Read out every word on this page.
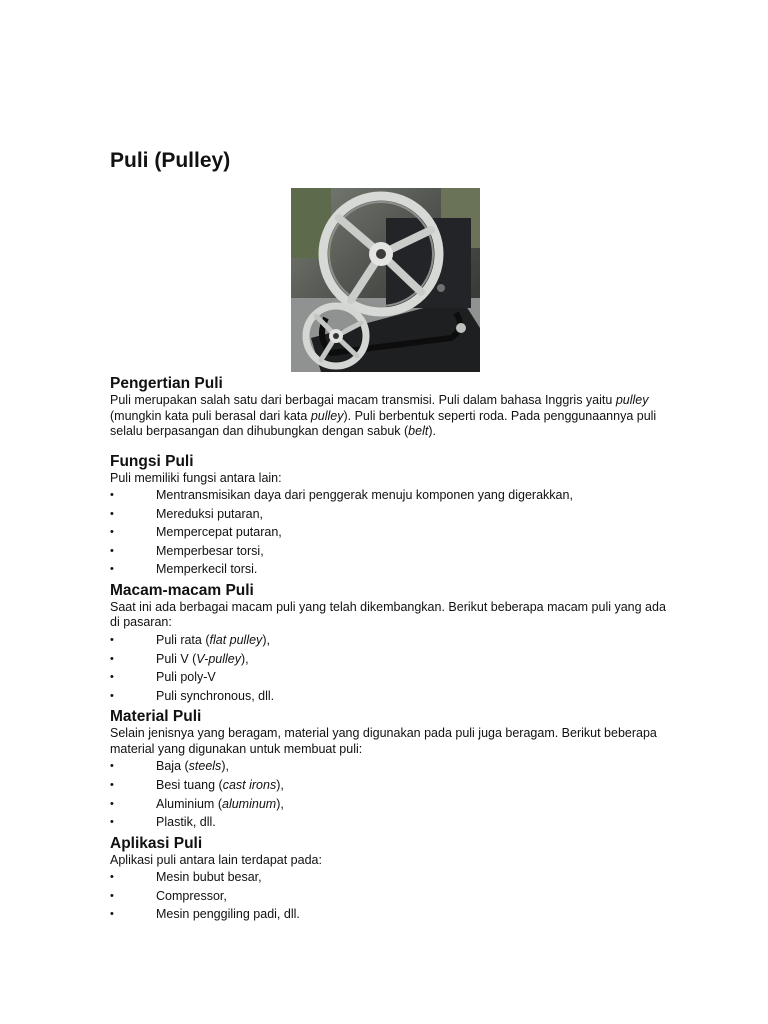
Puli (Pulley)
Pengertian Puli

Puli merupakan salah satu dari berbagai macam transmisi. Puli dalam bahasa Inggris yaitu pulley (mungkin kata puli berasal dari kata pulley). Puli berbentuk seperti roda. Pada penggunaannya puli selalu berpasangan dan dihubungkan dengan sabuk (belt).

Fungsi Puli

Puli memiliki fungsi antara lain:

• Mentransmisikan daya dari penggerak menuju komponen yang digerakkan,
• Mereduksi putaran,
• Mempercepat putaran,
• Memperbesar torsi,
• Memperkecil torsi.
Macam-macam Puli

Saat ini ada berbagai macam puli yang telah dikembangkan. Berikut beberapa macam puli yang ada di pasaran:

• Puli rata (flat pulley),
• Puli V (V-pulley),
• Puli poly-V
• Puli synchronous, dll.
Material Puli

Selain jenisnya yang beragam, material yang digunakan pada puli juga beragam. Berikut beberapa material yang digunakan untuk membuat puli:

• Baja (steels),
• Besi tuang (cast irons),
• Aluminium (aluminum),
• Plastik, dll.
Aplikasi Puli

Aplikasi puli antara lain terdapat pada:

• Mesin bubut besar,
• Compressor,
• Mesin penggiling padi, dll.
